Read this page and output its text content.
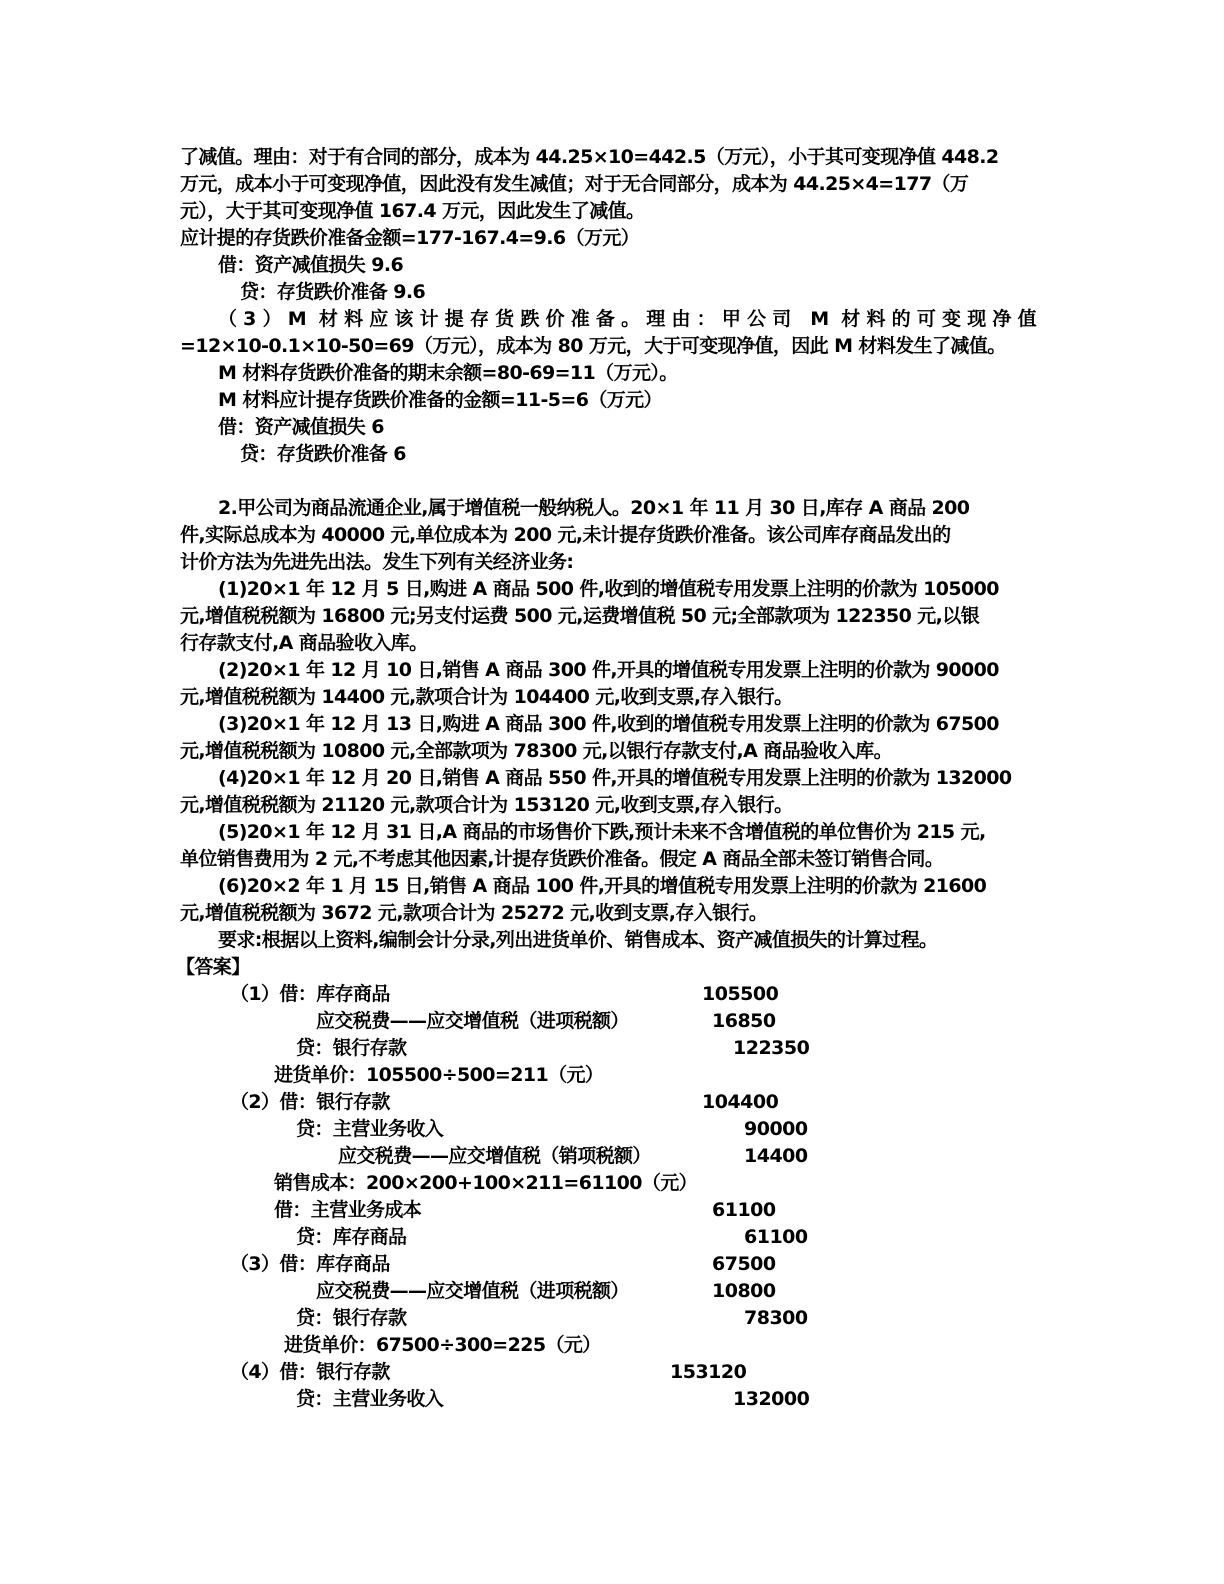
了减值。理由：对于有合同的部分，成本为 44.25×10=442.5（万元），小于其可变现净值 448.2
万元，成本小于可变现净值，因此没有发生减值；对于无合同部分，成本为 44.25×4=177（万
元），大于其可变现净值 167.4 万元，因此发生了减值。
应计提的存货跌价准备金额=177-167.4=9.6（万元）
借：资产减值损失 9.6
贷：存货跌价准备 9.6
（3）M 材料应该计提存货跌价准备。理由：甲公司 M 材料的可变现净值
=12×10-0.1×10-50=69（万元），成本为 80 万元，大于可变现净值，因此 M 材料发生了减值。
M 材料存货跌价准备的期末余额=80-69=11（万元）。
M 材料应计提存货跌价准备的金额=11-5=6（万元）
借：资产减值损失 6
贷：存货跌价准备 6
2.甲公司为商品流通企业,属于增值税一般纳税人。20×1 年 11 月 30 日,库存 A 商品 200
件,实际总成本为 40000 元,单位成本为 200 元,未计提存货跌价准备。该公司库存商品发出的
计价方法为先进先出法。发生下列有关经济业务:
(1)20×1 年 12 月 5 日,购进 A 商品 500 件,收到的增值税专用发票上注明的价款为 105000
元,增值税税额为 16800 元;另支付运费 500 元,运费增值税 50 元;全部款项为 122350 元,以银
行存款支付,A 商品验收入库。
(2)20×1 年 12 月 10 日,销售 A 商品 300 件,开具的增值税专用发票上注明的价款为 90000
元,增值税税额为 14400 元,款项合计为 104400 元,收到支票,存入银行。
(3)20×1 年 12 月 13 日,购进 A 商品 300 件,收到的增值税专用发票上注明的价款为 67500
元,增值税税额为 10800 元,全部款项为 78300 元,以银行存款支付,A 商品验收入库。
(4)20×1 年 12 月 20 日,销售 A 商品 550 件,开具的增值税专用发票上注明的价款为 132000
元,增值税税额为 21120 元,款项合计为 153120 元,收到支票,存入银行。
(5)20×1 年 12 月 31 日,A 商品的市场售价下跌,预计未来不含增值税的单位售价为 215 元,
单位销售费用为 2 元,不考虑其他因素,计提存货跌价准备。假定 A 商品全部未签订销售合同。
(6)20×2 年 1 月 15 日,销售 A 商品 100 件,开具的增值税专用发票上注明的价款为 21600
元,增值税税额为 3672 元,款项合计为 25272 元,收到支票,存入银行。
要求:根据以上资料,编制会计分录,列出进货单价、销售成本、资产减值损失的计算过程。
【答案】
（1）借：库存商品	105500
应交税费——应交增值税（进项税额）	16850
贷：银行存款	122350
进货单价：105500÷500=211（元）
（2）借：银行存款	104400
贷：主营业务收入	90000
应交税费——应交增值税（销项税额）	14400
销售成本：200×200+100×211=61100（元）
借：主营业务成本	61100
贷：库存商品	61100
（3）借：库存商品	67500
应交税费——应交增值税（进项税额）	10800
贷：银行存款	78300
进货单价：67500÷300=225（元）
（4）借：银行存款	153120
贷：主营业务收入	132000
